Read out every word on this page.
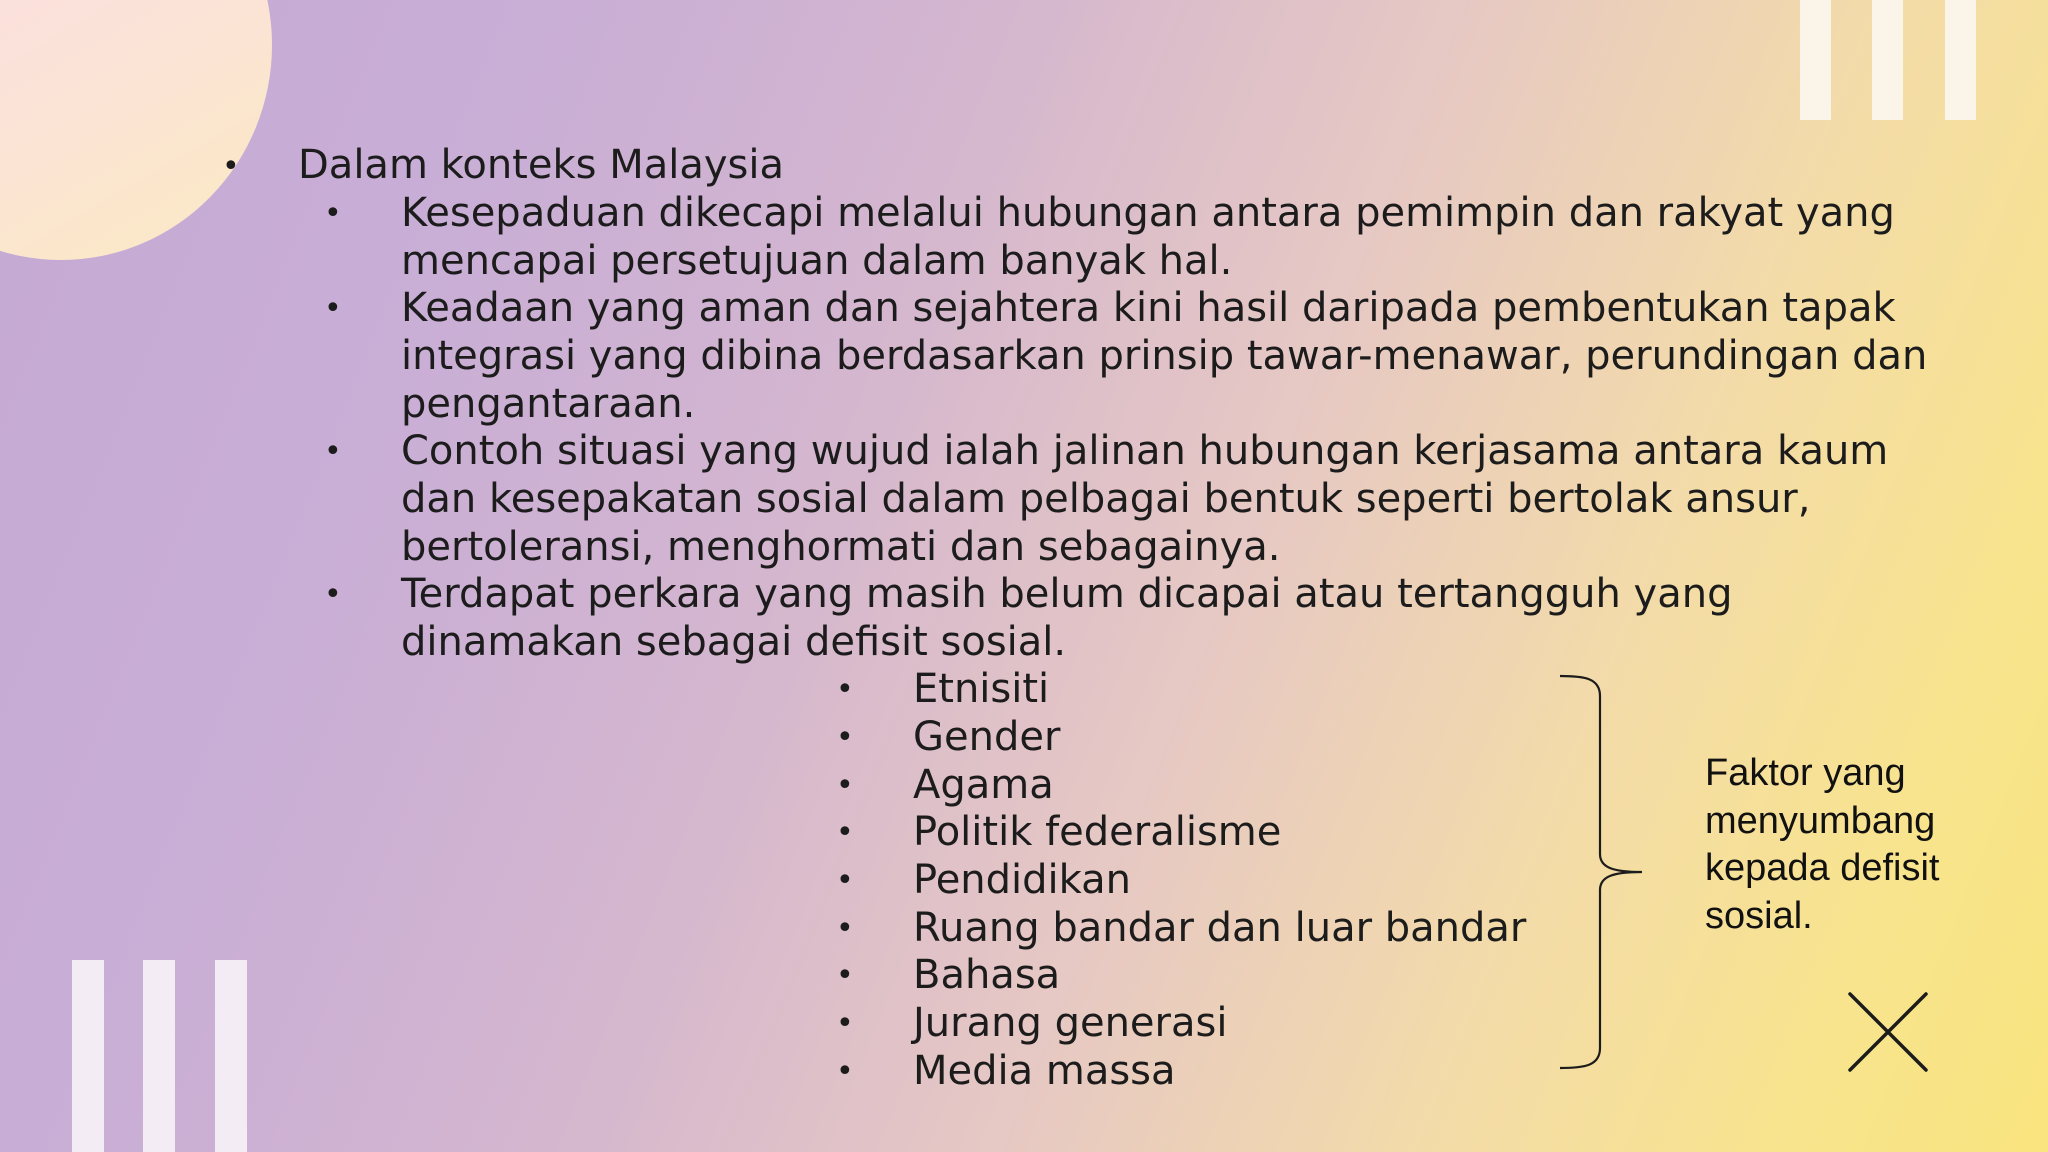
• Dalam konteks Malaysia
• Kesepaduan dikecapi melalui hubungan antara pemimpin dan rakyat yang
mencapai persetujuan dalam banyak hal.
• Keadaan yang aman dan sejahtera kini hasil daripada pembentukan tapak
integrasi yang dibina berdasarkan prinsip tawar-menawar, perundingan dan
pengantaraan.
• Contoh situasi yang wujud ialah jalinan hubungan kerjasama antara kaum
dan kesepakatan sosial dalam pelbagai bentuk seperti bertolak ansur,
bertoleransi, menghormati dan sebagainya.
• Terdapat perkara yang masih belum dicapai atau tertangguh yang
dinamakan sebagai defisit sosial.
• Etnisiti
• Gender
• Agama
• Politik federalisme
• Pendidikan
• Ruang bandar dan luar bandar
• Bahasa
• Jurang generasi
• Media massa
Faktor yang menyumbang kepada defisit sosial.
